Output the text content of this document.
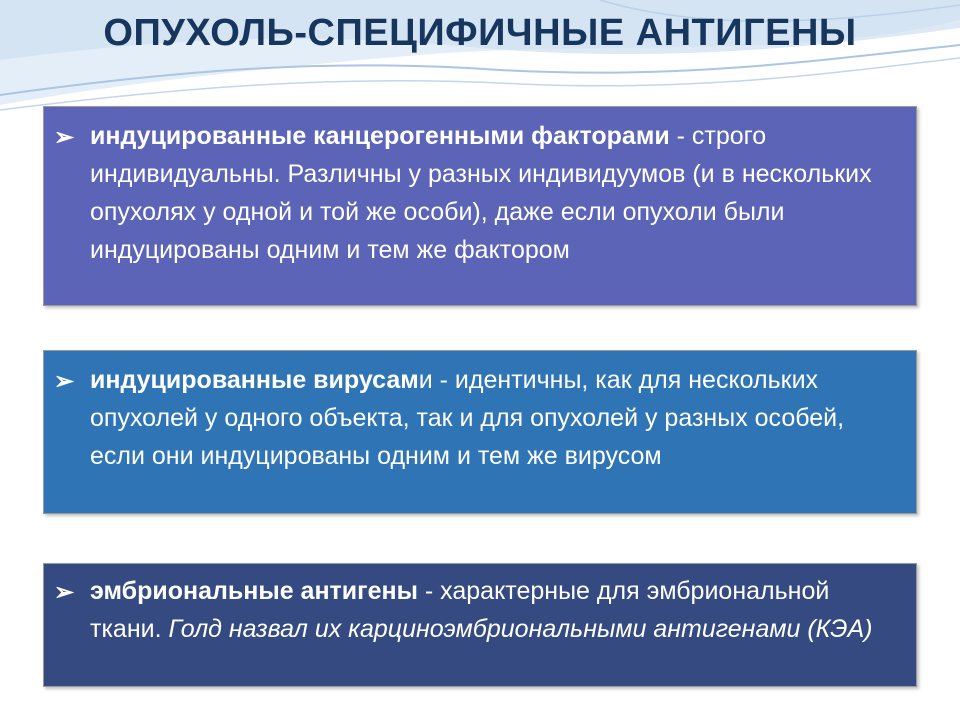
ОПУХОЛЬ-СПЕЦИФИЧНЫЕ АНТИГЕНЫ
➢ индуцированные канцерогенными факторами - строго индивидуальны. Различны у разных индивидуумов (и в нескольких опухолях у одной и той же особи), даже если опухоли были индуцированы одним и тем же фактором
➢ индуцированные вирусами - идентичны, как для нескольких опухолей у одного объекта, так и для опухолей у разных особей, если они индуцированы одним и тем же вирусом
➢ эмбриональные антигены - характерные для эмбриональной ткани. Голд назвал их карциноэмбриональными антигенами (КЭА)
